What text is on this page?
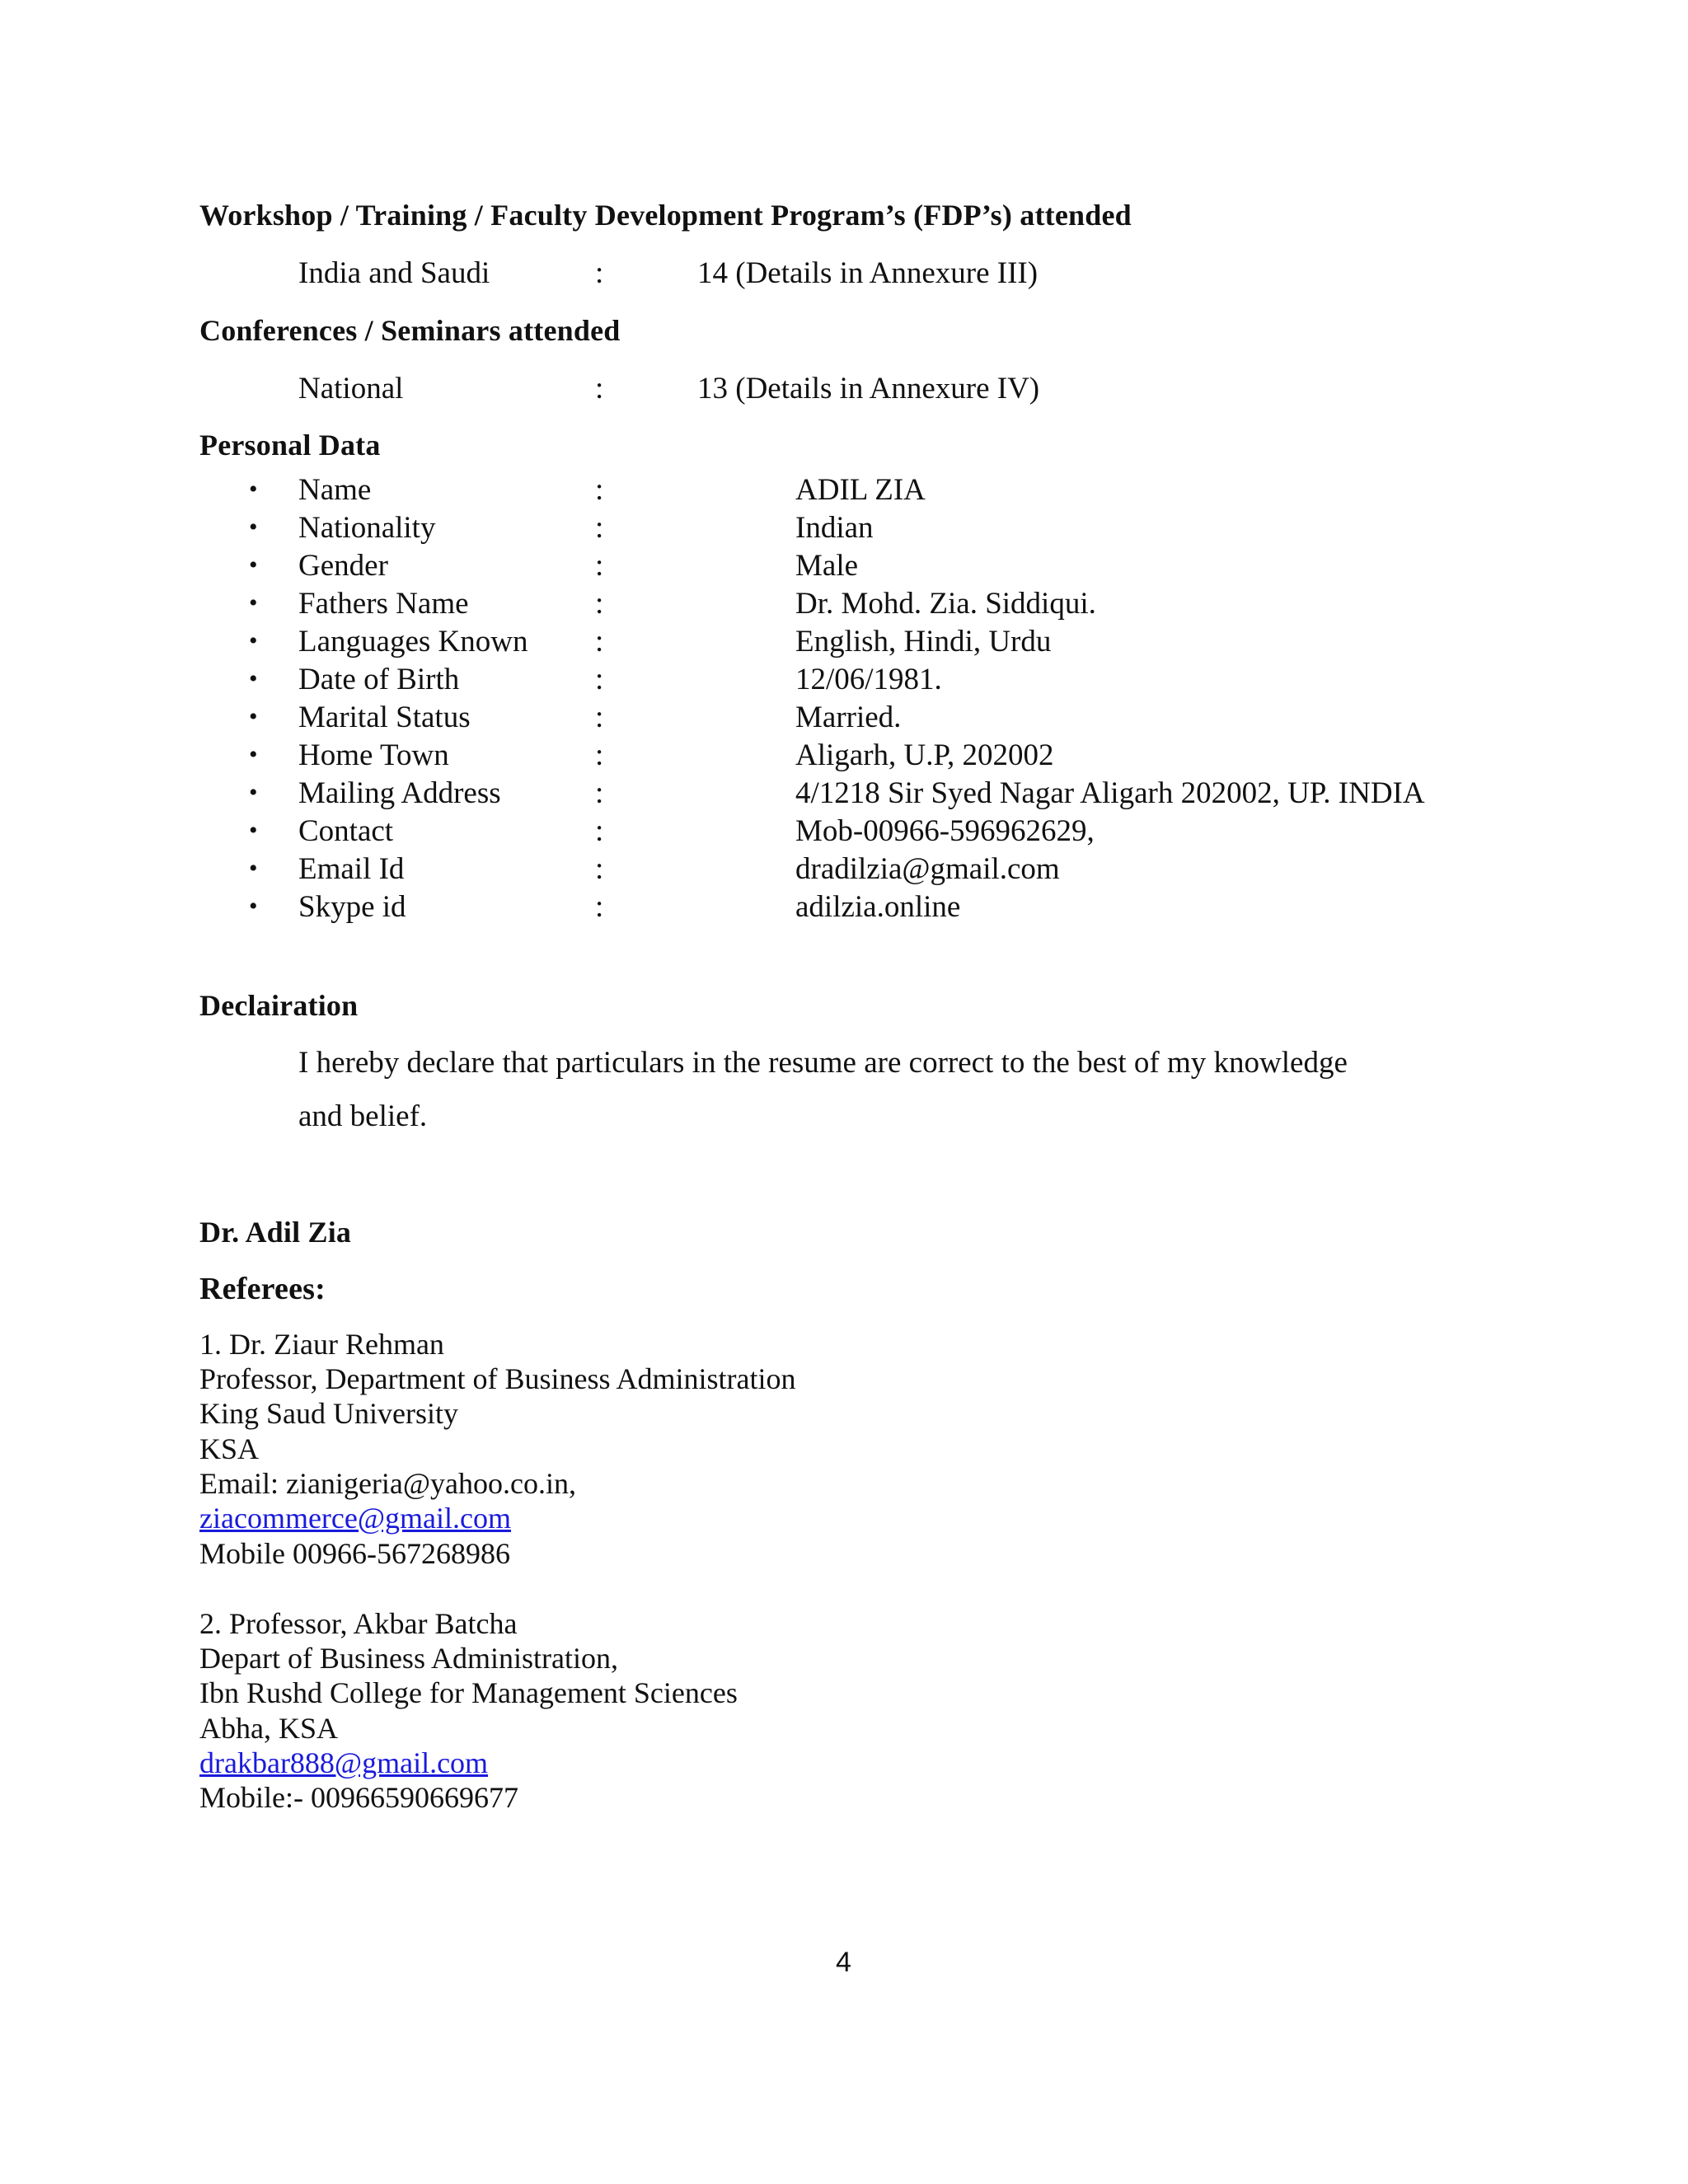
Workshop / Training / Faculty Development Program’s (FDP’s) attended
India and Saudi	:	14 (Details in Annexure III)
Conferences / Seminars attended
National	:	13 (Details in Annexure IV)
Personal Data
• Name	:	ADIL ZIA
• Nationality	:	Indian
• Gender	:	Male
• Fathers Name	:	Dr. Mohd. Zia. Siddiqui.
• Languages Known :	English, Hindi, Urdu
• Date of Birth	:	12/06/1981.
• Marital Status	:	Married.
• Home Town	:	Aligarh, U.P, 202002
• Mailing Address	:	4/1218 Sir Syed Nagar Aligarh 202002, UP. INDIA
• Contact	:	Mob-00966-596962629,
• Email Id	:	dradilzia@gmail.com
• Skype id	:	adilzia.online
Declairation
I hereby declare that particulars in the resume are correct to the best of my knowledge
and belief.
Dr. Adil Zia
Referees:
1. Dr. Ziaur Rehman
Professor, Department of Business Administration
King Saud University
KSA
Email: zianigeria@yahoo.co.in,
ziacommerce@gmail.com
Mobile 00966-567268986
2. Professor, Akbar Batcha
Depart of Business Administration,
Ibn Rushd College for Management Sciences
Abha, KSA
drakbar888@gmail.com
Mobile:- 00966590669677
4
